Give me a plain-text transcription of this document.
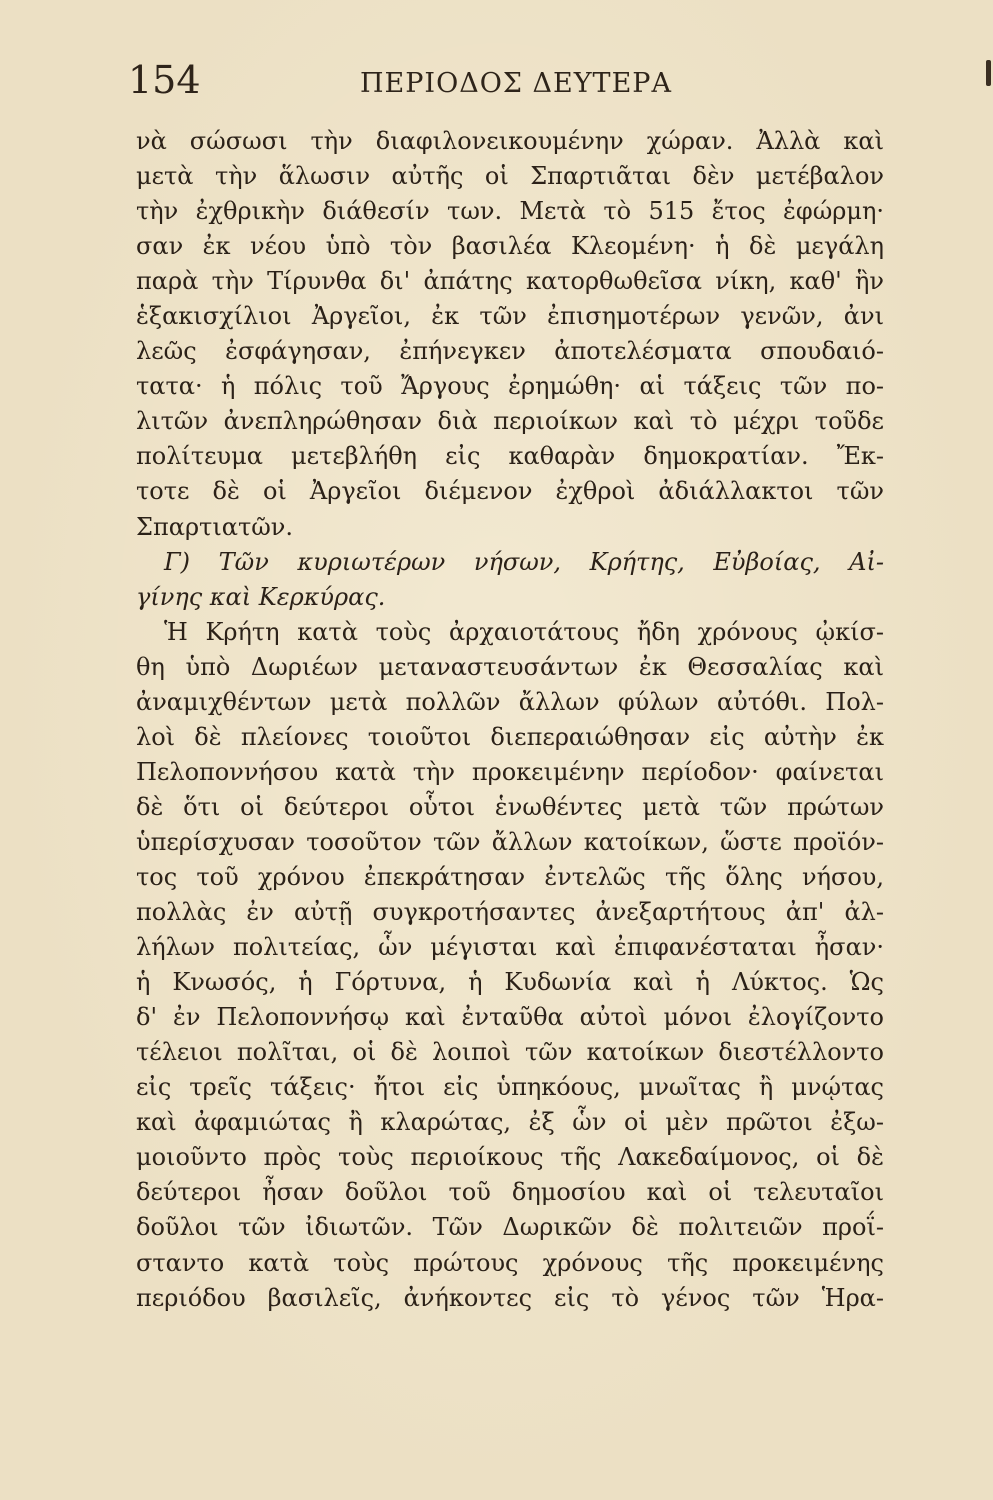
154	ΠΕΡΙΟΔΟΣ ΔΕΥΤΕΡΑ
νὰ σώσωσι τὴν διαφιλονεικουμένην χώραν. Ἀλλὰ καὶ
μετὰ τὴν ἅλωσιν αὐτῆς οἱ Σπαρτιᾶται δὲν μετέβαλον
τὴν ἐχθρικὴν διάθεσίν των. Μετὰ τὸ 515 ἔτος ἐφώρμη·
σαν ἐκ νέου ὑπὸ τὸν βασιλέα Κλεομένη· ἡ δὲ μεγάλη
παρὰ τὴν Τίρυνθα δι' ἀπάτης κατορθωθεῖσα νίκη, καθ' ἣν
ἑξακισχίλιοι Ἀργεῖοι, ἐκ τῶν ἐπισημοτέρων γενῶν, ἀνι
λεῶς ἐσφάγησαν, ἐπήνεγκεν ἀποτελέσματα σπουδαιό-
τατα· ἡ πόλις τοῦ Ἄργους ἐρημώθη· αἱ τάξεις τῶν πο-
λιτῶν ἀνεπληρώθησαν διὰ περιοίκων καὶ τὸ μέχρι τοῦδε
πολίτευμα μετεβλήθη εἰς καθαρὰν δημοκρατίαν. Ἔκ-
τοτε δὲ οἱ Ἀργεῖοι διέμενον ἐχθροὶ ἀδιάλλακτοι τῶν
Σπαρτιατῶν.
Γ) Τῶν κυριωτέρων νήσων, Κρήτης, Εὐβοίας, Αἰ-
γίνης καὶ Κερκύρας.
Ἡ Κρήτη κατὰ τοὺς ἀρχαιοτάτους ἤδη χρόνους ᾠκίσ-
θη ὑπὸ Δωριέων μεταναστευσάντων ἐκ Θεσσαλίας καὶ
ἀναμιχθέντων μετὰ πολλῶν ἄλλων φύλων αὐτόθι. Πολ-
λοὶ δὲ πλείονες τοιοῦτοι διεπεραιώθησαν εἰς αὐτὴν ἐκ
Πελοποννήσου κατὰ τὴν προκειμένην περίοδον· φαίνεται
δὲ ὅτι οἱ δεύτεροι οὗτοι ἑνωθέντες μετὰ τῶν πρώτων
ὑπερίσχυσαν τοσοῦτον τῶν ἄλλων κατοίκων, ὥστε προϊόν-
τος τοῦ χρόνου ἐπεκράτησαν ἐντελῶς τῆς ὅλης νήσου,
πολλὰς ἐν αὐτῇ συγκροτήσαντες ἀνεξαρτήτους ἀπ' ἀλ-
λήλων πολιτείας, ὧν μέγισται καὶ ἐπιφανέσταται ἦσαν·
ἡ Κνωσός, ἡ Γόρτυνα, ἡ Κυδωνία καὶ ἡ Λύκτος. Ὡς
δ' ἐν Πελοποννήσῳ καὶ ἐνταῦθα αὐτοὶ μόνοι ἐλογίζοντο
τέλειοι πολῖται, οἱ δὲ λοιποὶ τῶν κατοίκων διεστέλλοντο
εἰς τρεῖς τάξεις· ἤτοι εἰς ὑπηκόους, μνωῖτας ἢ μνῴτας
καὶ ἀφαμιώτας ἢ κλαρώτας, ἐξ ὧν οἱ μὲν πρῶτοι ἐξω-
μοιοῦντο πρὸς τοὺς περιοίκους τῆς Λακεδαίμονος, οἱ δὲ
δεύτεροι ἦσαν δοῦλοι τοῦ δημοσίου καὶ οἱ τελευταῖοι
δοῦλοι τῶν ἰδιωτῶν. Τῶν Δωρικῶν δὲ πολιτειῶν προΐ-
σταντο κατὰ τοὺς πρώτους χρόνους τῆς προκειμένης
περιόδου βασιλεῖς, ἀνήκοντες εἰς τὸ γένος τῶν Ἡρα-
